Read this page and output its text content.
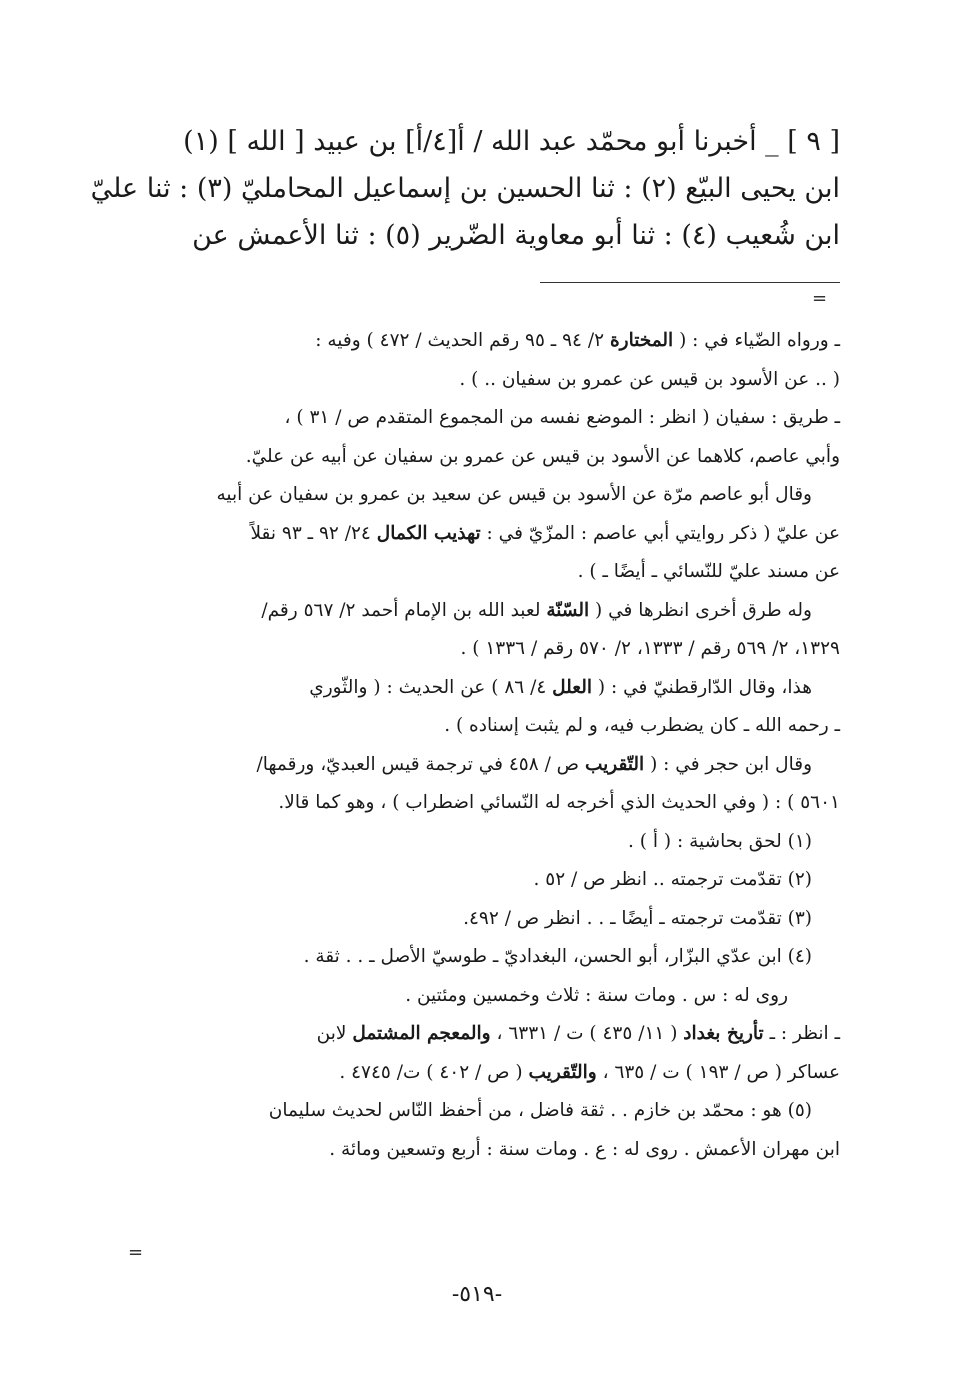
[ ٩ ] _ أخبرنا أبو محمّد عبد الله / أ[٤/أ] بن عبيد [ الله ] (١)
ابن يحيى البيّع (٢) : ثنا الحسين بن إسماعيل المحامليّ (٣) : ثنا عليّ
ابن شُعيب (٤) : ثنا أبو معاوية الضّرير (٥) : ثنا الأعمش عن
=
ـ ورواه الضّياء في : ( المختارة ٢/ ٩٤ ـ ٩٥ رقم الحديث / ٤٧٢ ) وفيه :
( .. عن الأسود بن قيس عن عمرو بن سفيان .. ) .
ـ طريق : سفيان ( انظر : الموضع نفسه من المجموع المتقدم ص / ٣١ ) ،
وأبي عاصم، كلاهما عن الأسود بن قيس عن عمرو بن سفيان عن أبيه عن عليّ.
وقال أبو عاصم مرّة عن الأسود بن قيس عن سعيد بن عمرو بن سفيان عن أبيه
عن عليّ ( ذكر روايتي أبي عاصم : المزّيّ في : تهذيب الكمال ٢٤/ ٩٢ ـ ٩٣ نقلاً
عن مسند عليّ للنّسائي ـ أيضًا ـ ) .
وله طرق أخرى انظرها في ( السّنّة لعبد الله بن الإمام أحمد ٢/ ٥٦٧ رقم/
١٣٢٩، ٢/ ٥٦٩ رقم / ١٣٣٣، ٢/ ٥٧٠ رقم / ١٣٣٦ ) .
هذا، وقال الدّارقطنيّ في : ( العلل ٤/ ٨٦ ) عن الحديث : ( والثّوري
ـ رحمه الله ـ كان يضطرب فيه، و لم يثبت إسناده ) .
وقال ابن حجر في : ( التّقريب ص / ٤٥٨ في ترجمة قيس العبديّ، ورقمها/
٥٦٠١ ) : ( وفي الحديث الذي أخرجه له النّسائي اضطراب ) ، وهو كما قالا.
(١) لحق بحاشية : ( أ ) .
(٢) تقدّمت ترجمته .. انظر ص / ٥٢ .
(٣) تقدّمت ترجمته ـ أيضًا ـ . . انظر ص / ٤٩٢.
(٤) ابن عدّي البزّار، أبو الحسن، البغداديّ ـ طوسيّ الأصل ـ . . ثقة .
روى له : س . ومات سنة : ثلاث وخمسين ومئتين .
ـ انظر : ـ تأريخ بغداد ( ١١/ ٤٣٥ ) ت / ٦٣٣١ ، والمعجم المشتمل لابن
عساكر ( ص / ١٩٣ ) ت / ٦٣٥ ، والتّقريب ( ص / ٤٠٢ ) ت/ ٤٧٤٥ .
(٥) هو : محمّد بن خازم . . ثقة فاضل ، من أحفظ النّاس لحديث سليمان
ابن مهران الأعمش . روى له : ع . ومات سنة : أربع وتسعين ومائة .
=
-٥١٩-
